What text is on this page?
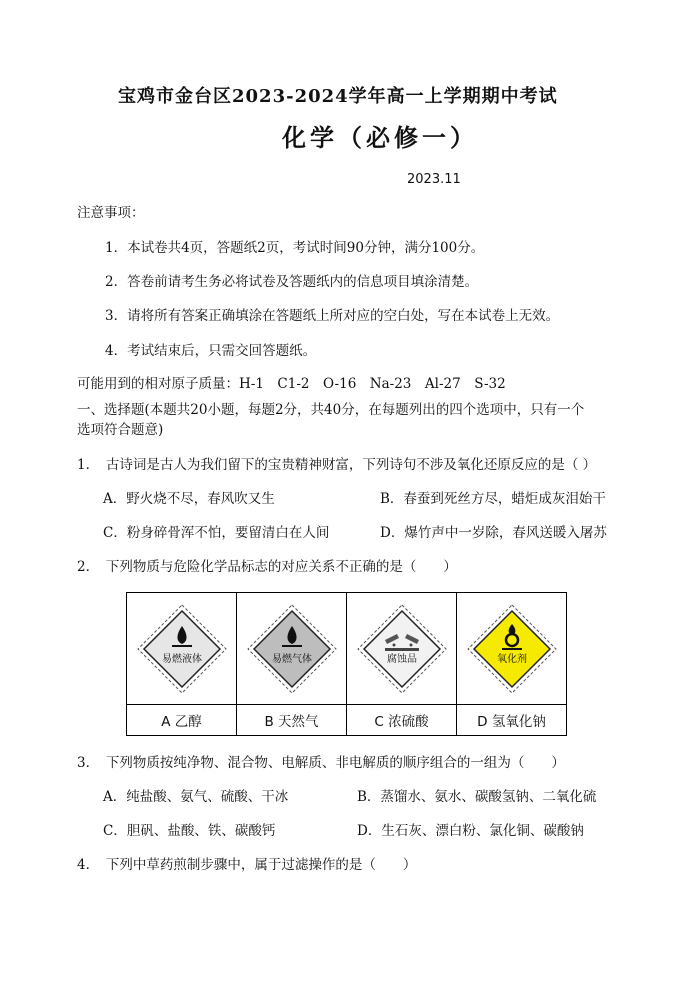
宝鸡市金台区2023-2024学年高一上学期期中考试
化学（必修一）
2023.11
注意事项：
1．本试卷共4页，答题纸2页，考试时间90分钟，满分100分。
2．答卷前请考生务必将试卷及答题纸内的信息项目填涂清楚。
3．请将所有答案正确填涂在答题纸上所对应的空白处，写在本试卷上无效。
4．考试结束后，只需交回答题纸。
可能用到的相对原子质量：H-1　C1-2　O-16　Na-23　Al-27　S-32
一、选择题(本题共20小题，每题2分，共40分，在每题列出的四个选项中，只有一个
选项符合题意)
1．　古诗词是古人为我们留下的宝贵精神财富，下列诗句不涉及氧化还原反应的是（ ）
A．野火烧不尽，春风吹又生	B．春蚕到死丝方尽，蜡炬成灰泪始干
C．粉身碎骨浑不怕，要留清白在人间	D．爆竹声中一岁除，春风送暖入屠苏
2．　下列物质与危险化学品标志的对应关系不正确的是（　　）
易燃液体	易燃气体	腐蚀品	氧化剂

A 乙醇	B 天然气	C 浓硫酸	D 氢氧化钠
3．　下列物质按纯净物、混合物、电解质、非电解质的顺序组合的一组为（　　）
A．纯盐酸、氨气、硫酸、干冰	B．蒸馏水、氨水、碳酸氢钠、二氧化硫
C．胆矾、盐酸、铁、碳酸钙	D．生石灰、漂白粉、氯化铜、碳酸钠
4．　下列中草药煎制步骤中，属于过滤操作的是（　　）
